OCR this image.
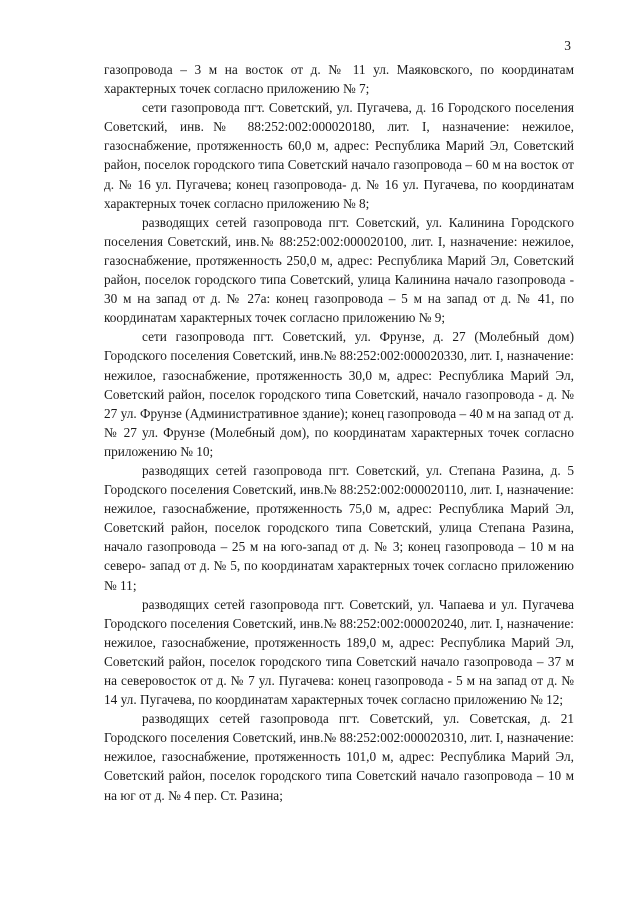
3

газопровода – 3 м на восток от д. № 11 ул. Маяковского, по координатам характерных точек согласно приложению № 7;

сети газопровода пгт. Советский, ул. Пугачева, д. 16 Городского поселения Советский, инв.№ 88:252:002:000020180, лит. I, назначение: нежилое, газоснабжение, протяженность 60,0 м, адрес: Республика Марий Эл, Советский район, поселок городского типа Советский начало газопровода – 60 м на восток от д. № 16 ул. Пугачева; конец газопровода- д. № 16 ул. Пугачева, по координатам характерных точек согласно приложению № 8;

разводящих сетей газопровода пгт. Советский, ул. Калинина Городского поселения Советский, инв.№ 88:252:002:000020100, лит. I, назначение: нежилое, газоснабжение, протяженность 250,0 м, адрес: Республика Марий Эл, Советский район, поселок городского типа Советский, улица Калинина начало газопровода - 30 м на запад от д. № 27а: конец газопровода – 5 м на запад от д. № 41, по координатам характерных точек согласно приложению № 9;

сети газопровода пгт. Советский, ул. Фрунзе, д. 27 (Молебный дом) Городского поселения Советский, инв.№ 88:252:002:000020330, лит. I, назначение: нежилое, газоснабжение, протяженность 30,0 м, адрес: Республика Марий Эл, Советский район, поселок городского типа Советский, начало газопровода - д. № 27 ул. Фрунзе (Административное здание); конец газопровода – 40 м на запад от д. № 27 ул. Фрунзе (Молебный дом), по координатам характерных точек согласно приложению № 10;

разводящих сетей газопровода пгт. Советский, ул. Степана Разина, д. 5 Городского поселения Советский, инв.№ 88:252:002:000020110, лит. I, назначение: нежилое, газоснабжение, протяженность 75,0 м, адрес: Республика Марий Эл, Советский район, поселок городского типа Советский, улица Степана Разина, начало газопровода – 25 м на юго-запад от д. № 3; конец газопровода – 10 м на северо- запад от д. № 5, по координатам характерных точек согласно приложению № 11;

разводящих сетей газопровода пгт. Советский, ул. Чапаева и ул. Пугачева Городского поселения Советский, инв.№ 88:252:002:000020240, лит. I, назначение: нежилое, газоснабжение, протяженность 189,0 м, адрес: Республика Марий Эл, Советский район, поселок городского типа Советский начало газопровода – 37 м на северовосток от д. № 7 ул. Пугачева: конец газопровода - 5 м на запад от д. № 14 ул. Пугачева, по координатам характерных точек согласно приложению № 12;

разводящих сетей газопровода пгт. Советский, ул. Советская, д. 21 Городского поселения Советский, инв.№ 88:252:002:000020310, лит. I, назначение: нежилое, газоснабжение, протяженность 101,0 м, адрес: Республика Марий Эл, Советский район, поселок городского типа Советский начало газопровода – 10 м на юг от д. № 4 пер. Ст. Разина;
